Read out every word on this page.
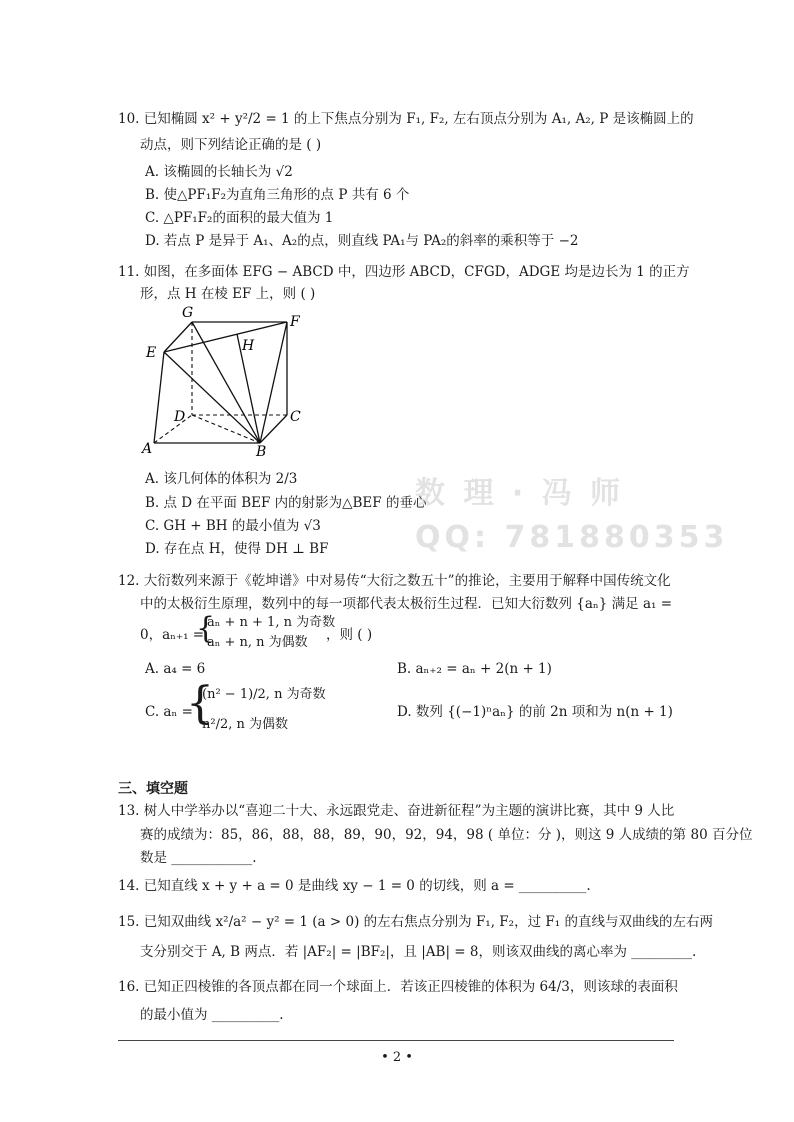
10. 已知椭圆 x² + y²/2 = 1 的上下焦点分别为 F₁, F₂, 左右顶点分别为 A₁, A₂, P 是该椭圆上的
动点，则下列结论正确的是 ( )
A. 该椭圆的长轴长为 √2
B. 使△PF₁F₂为直角三角形的点 P 共有 6 个
C. △PF₁F₂的面积的最大值为 1
D. 若点 P 是异于 A₁、A₂的点，则直线 PA₁与 PA₂的斜率的乘积等于 −2
11. 如图，在多面体 EFG − ABCD 中，四边形 ABCD，CFGD，ADGE 均是边长为 1 的正方
形，点 H 在棱 EF 上，则 ( )
G
F
E	H
D	C
A	B
A. 该几何体的体积为 2/3
B. 点 D 在平面 BEF 内的射影为△BEF 的垂心
C. GH + BH 的最小值为 √3
D. 存在点 H，使得 DH ⊥ BF
12. 大衍数列来源于《乾坤谱》中对易传“大衍之数五十”的推论，主要用于解释中国传统文化
中的太极衍生原理，数列中的每一项都代表太极衍生过程．已知大衍数列 {aₙ} 满足 a₁ =
0，aₙ₊₁ =
{
aₙ + n + 1, n 为奇数
aₙ + n, n 为偶数 ，则 ( )
A. a₄ = 6	B. aₙ₊₂ = aₙ + 2(n + 1)
C. aₙ =
{
(n² − 1)/2, n 为奇数
n²/2, n 为偶数
D. 数列 {(−1)ⁿaₙ} 的前 2n 项和为 n(n + 1)
三、填空题
13. 树人中学举办以“喜迎二十大、永远跟党走、奋进新征程”为主题的演讲比赛，其中 9 人比
赛的成绩为：85，86，88，88，89，90，92，94，98 ( 单位：分 )，则这 9 人成绩的第 80 百分位
数是 ____________.
14. 已知直线 x + y + a = 0 是曲线 xy − 1 = 0 的切线，则 a = __________.
15. 已知双曲线 x²/a² − y² = 1 (a > 0) 的左右焦点分别为 F₁, F₂，过 F₁ 的直线与双曲线的左右两
支分别交于 A, B 两点．若 |AF₂| = |BF₂|，且 |AB| = 8，则该双曲线的离心率为 _________.
16. 已知正四棱锥的各顶点都在同一个球面上．若该正四棱锥的体积为 64/3，则该球的表面积
的最小值为 __________.
数 理 · 冯 师
QQ: 781880353
• 2 •
